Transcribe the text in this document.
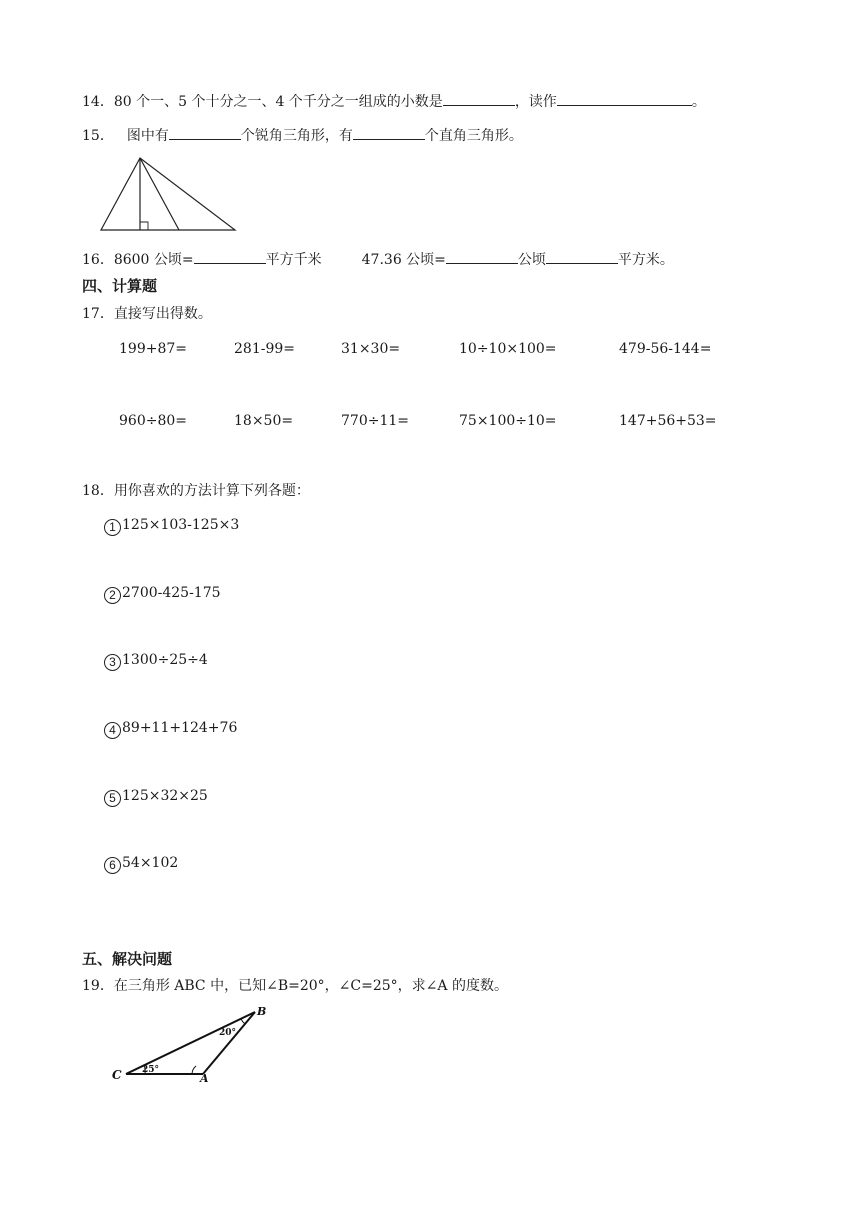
14．80 个一、5 个十分之一、4 个千分之一组成的小数是	，读作	。
15． 图中有	个锐角三角形，有	个直角三角形。
16．8600 公顷=	平方千米	47.36 公顷=	公顷	平方米。
四、计算题
17．直接写出得数。
199+87=	281-99=	31×30=	10÷10×100=	479-56-144=
960÷80=	18×50=	770÷11=	75×100÷10=	147+56+53=
18．用你喜欢的方法计算下列各题：
1 125×103-125×3
2 2700-425-175
3 1300÷25÷4
4 89+11+124+76
5 125×32×25
6 54×102
五、解决问题
19．在三角形 ABC 中，已知∠B=20°，∠C=25°，求∠A 的度数。
C	A
B
25°
20°
